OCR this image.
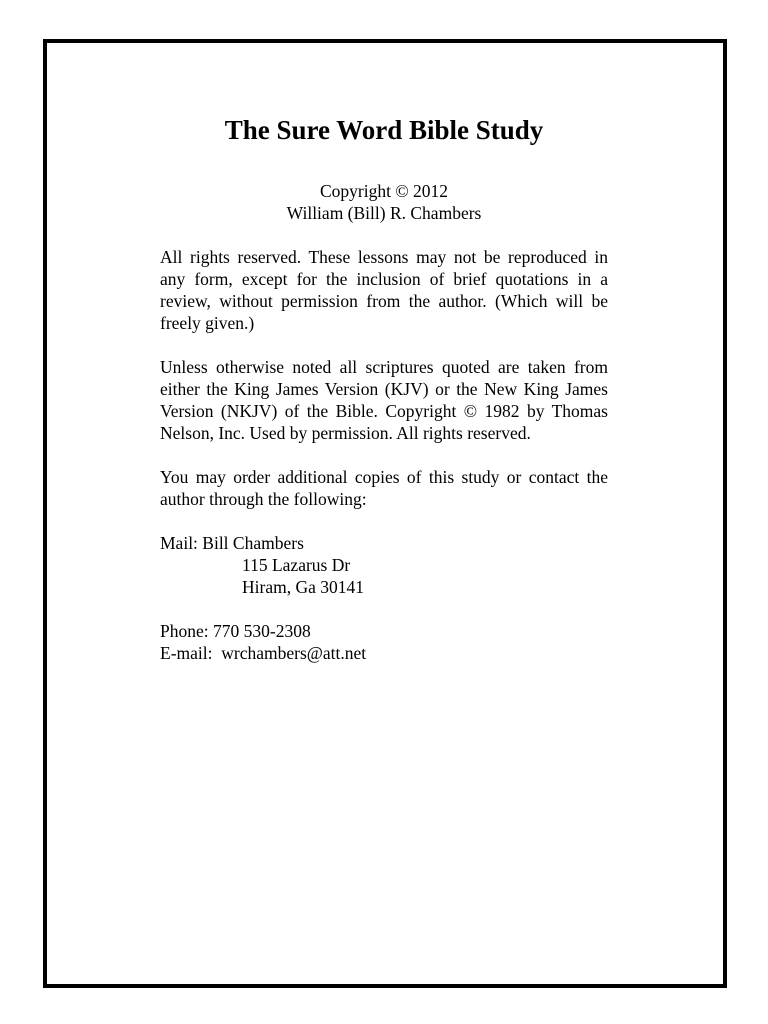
The Sure Word Bible Study

Copyright © 2012

William (Bill) R. Chambers

All rights reserved. These lessons may not be reproduced in any form, except for the inclusion of brief quotations in a review, without permission from the author. (Which will be freely given.)

Unless otherwise noted all scriptures quoted are taken from either the King James Version (KJV) or the New King James Version (NKJV) of the Bible. Copyright © 1982 by Thomas Nelson, Inc. Used by permission. All rights reserved.

You may order additional copies of this study or contact the author through the following:

Mail: Bill Chambers

115 Lazarus Dr

Hiram, Ga 30141

Phone: 770 530-2308

E-mail:  wrchambers@att.net
